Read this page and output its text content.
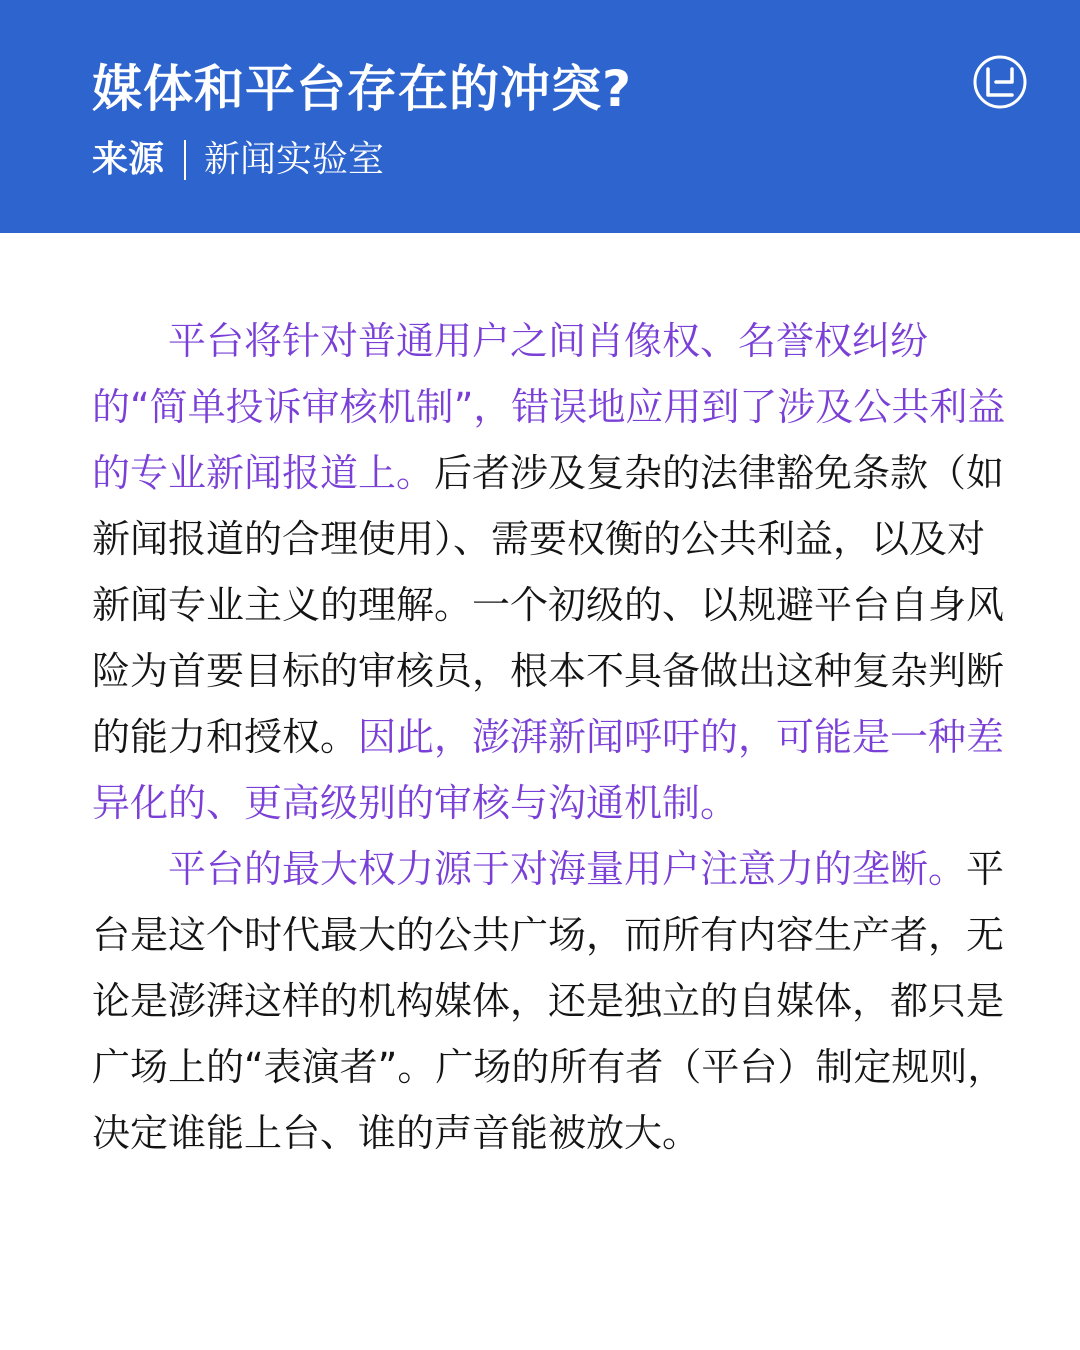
媒体和平台存在的冲突?
来源 新闻实验室

平台将针对普通用户之间肖像权、名誉权纠纷的“简单投诉审核机制”，错误地应用到了涉及公共利益的专业新闻报道上。后者涉及复杂的法律豁免条款（如新闻报道的合理使用）、需要权衡的公共利益，以及对新闻专业主义的理解。一个初级的、以规避平台自身风险为首要目标的审核员，根本不具备做出这种复杂判断的能力和授权。因此，澎湃新闻呼吁的，可能是一种差异化的、更高级别的审核与沟通机制。

平台的最大权力源于对海量用户注意力的垄断。平台是这个时代最大的公共广场，而所有内容生产者，无论是澎湃这样的机构媒体，还是独立的自媒体，都只是广场上的“表演者”。广场的所有者（平台）制定规则，决定谁能上台、谁的声音能被放大。
